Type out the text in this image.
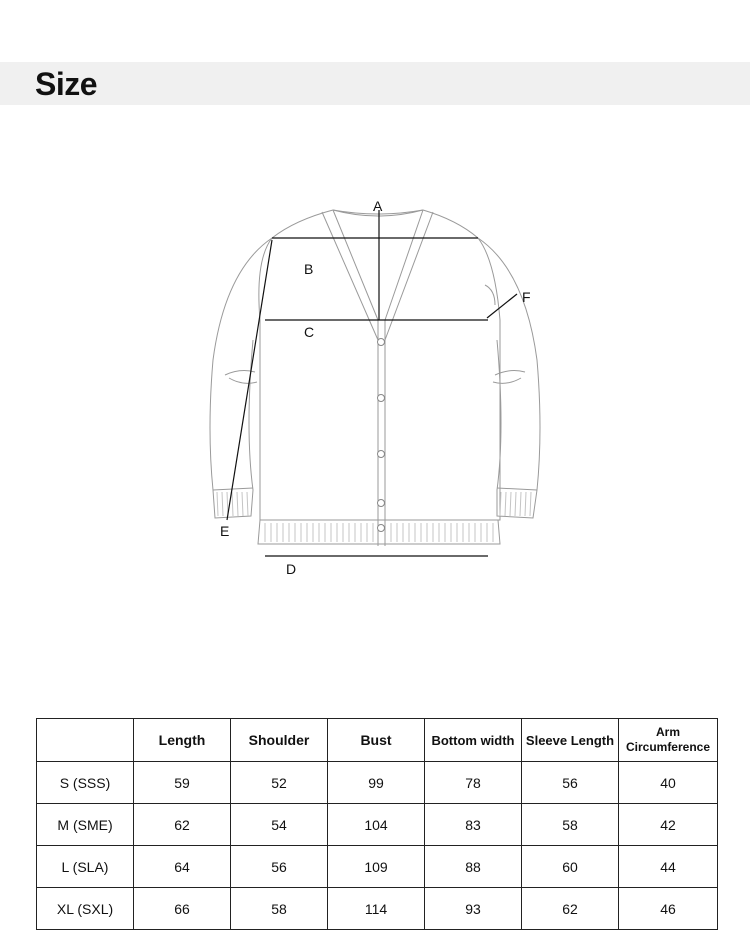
Size
A
B
C
D
E
F
	Length	Shoulder	Bust	Bottom width	Sleeve Length	Arm Circumference
S (SSS)	59	52	99	78	56	40
M (SME)	62	54	104	83	58	42
L (SLA)	64	56	109	88	60	44
XL (SXL)	66	58	114	93	62	46
